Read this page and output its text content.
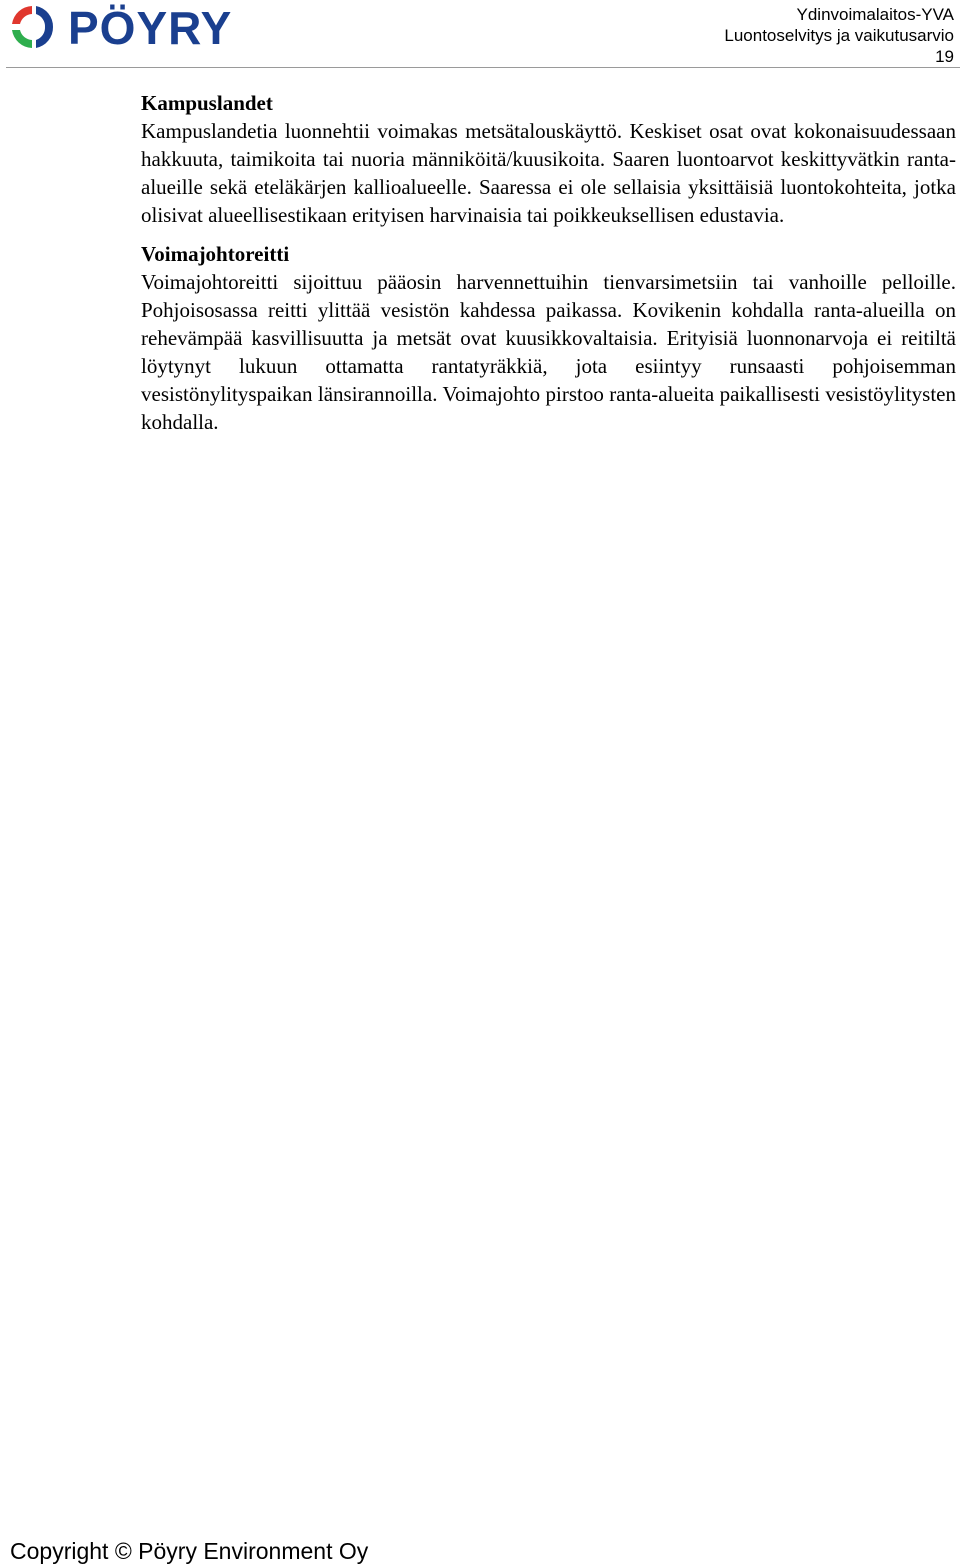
PÖYRY	Ydinvoimalaitos-YVA
Luontoselvitys ja vaikutusarvio
19
Kampuslandet

Kampuslandetia luonnehtii voimakas metsätalouskäyttö. Keskiset osat ovat kokonaisuudessaan hakkuuta, taimikoita tai nuoria männiköitä/kuusikoita. Saaren luontoarvot keskittyvätkin ranta-alueille sekä eteläkärjen kallioalueelle. Saaressa ei ole sellaisia yksittäisiä luontokohteita, jotka olisivat alueellisestikaan erityisen harvinaisia tai poikkeuksellisen edustavia.

Voimajohtoreitti

Voimajohtoreitti sijoittuu pääosin harvennettuihin tienvarsimetsiin tai vanhoille pelloille. Pohjoisosassa reitti ylittää vesistön kahdessa paikassa. Kovikenin kohdalla ranta-alueilla on rehevämpää kasvillisuutta ja metsät ovat kuusikkovaltaisia. Erityisiä luonnonarvoja ei reitiltä löytynyt lukuun ottamatta rantatyräkkiä, jota esiintyy runsaasti pohjoisemman vesistönylityspaikan länsirannoilla. Voimajohto pirstoo ranta-alueita paikallisesti vesistöylitysten kohdalla.

Copyright © Pöyry Environment Oy
